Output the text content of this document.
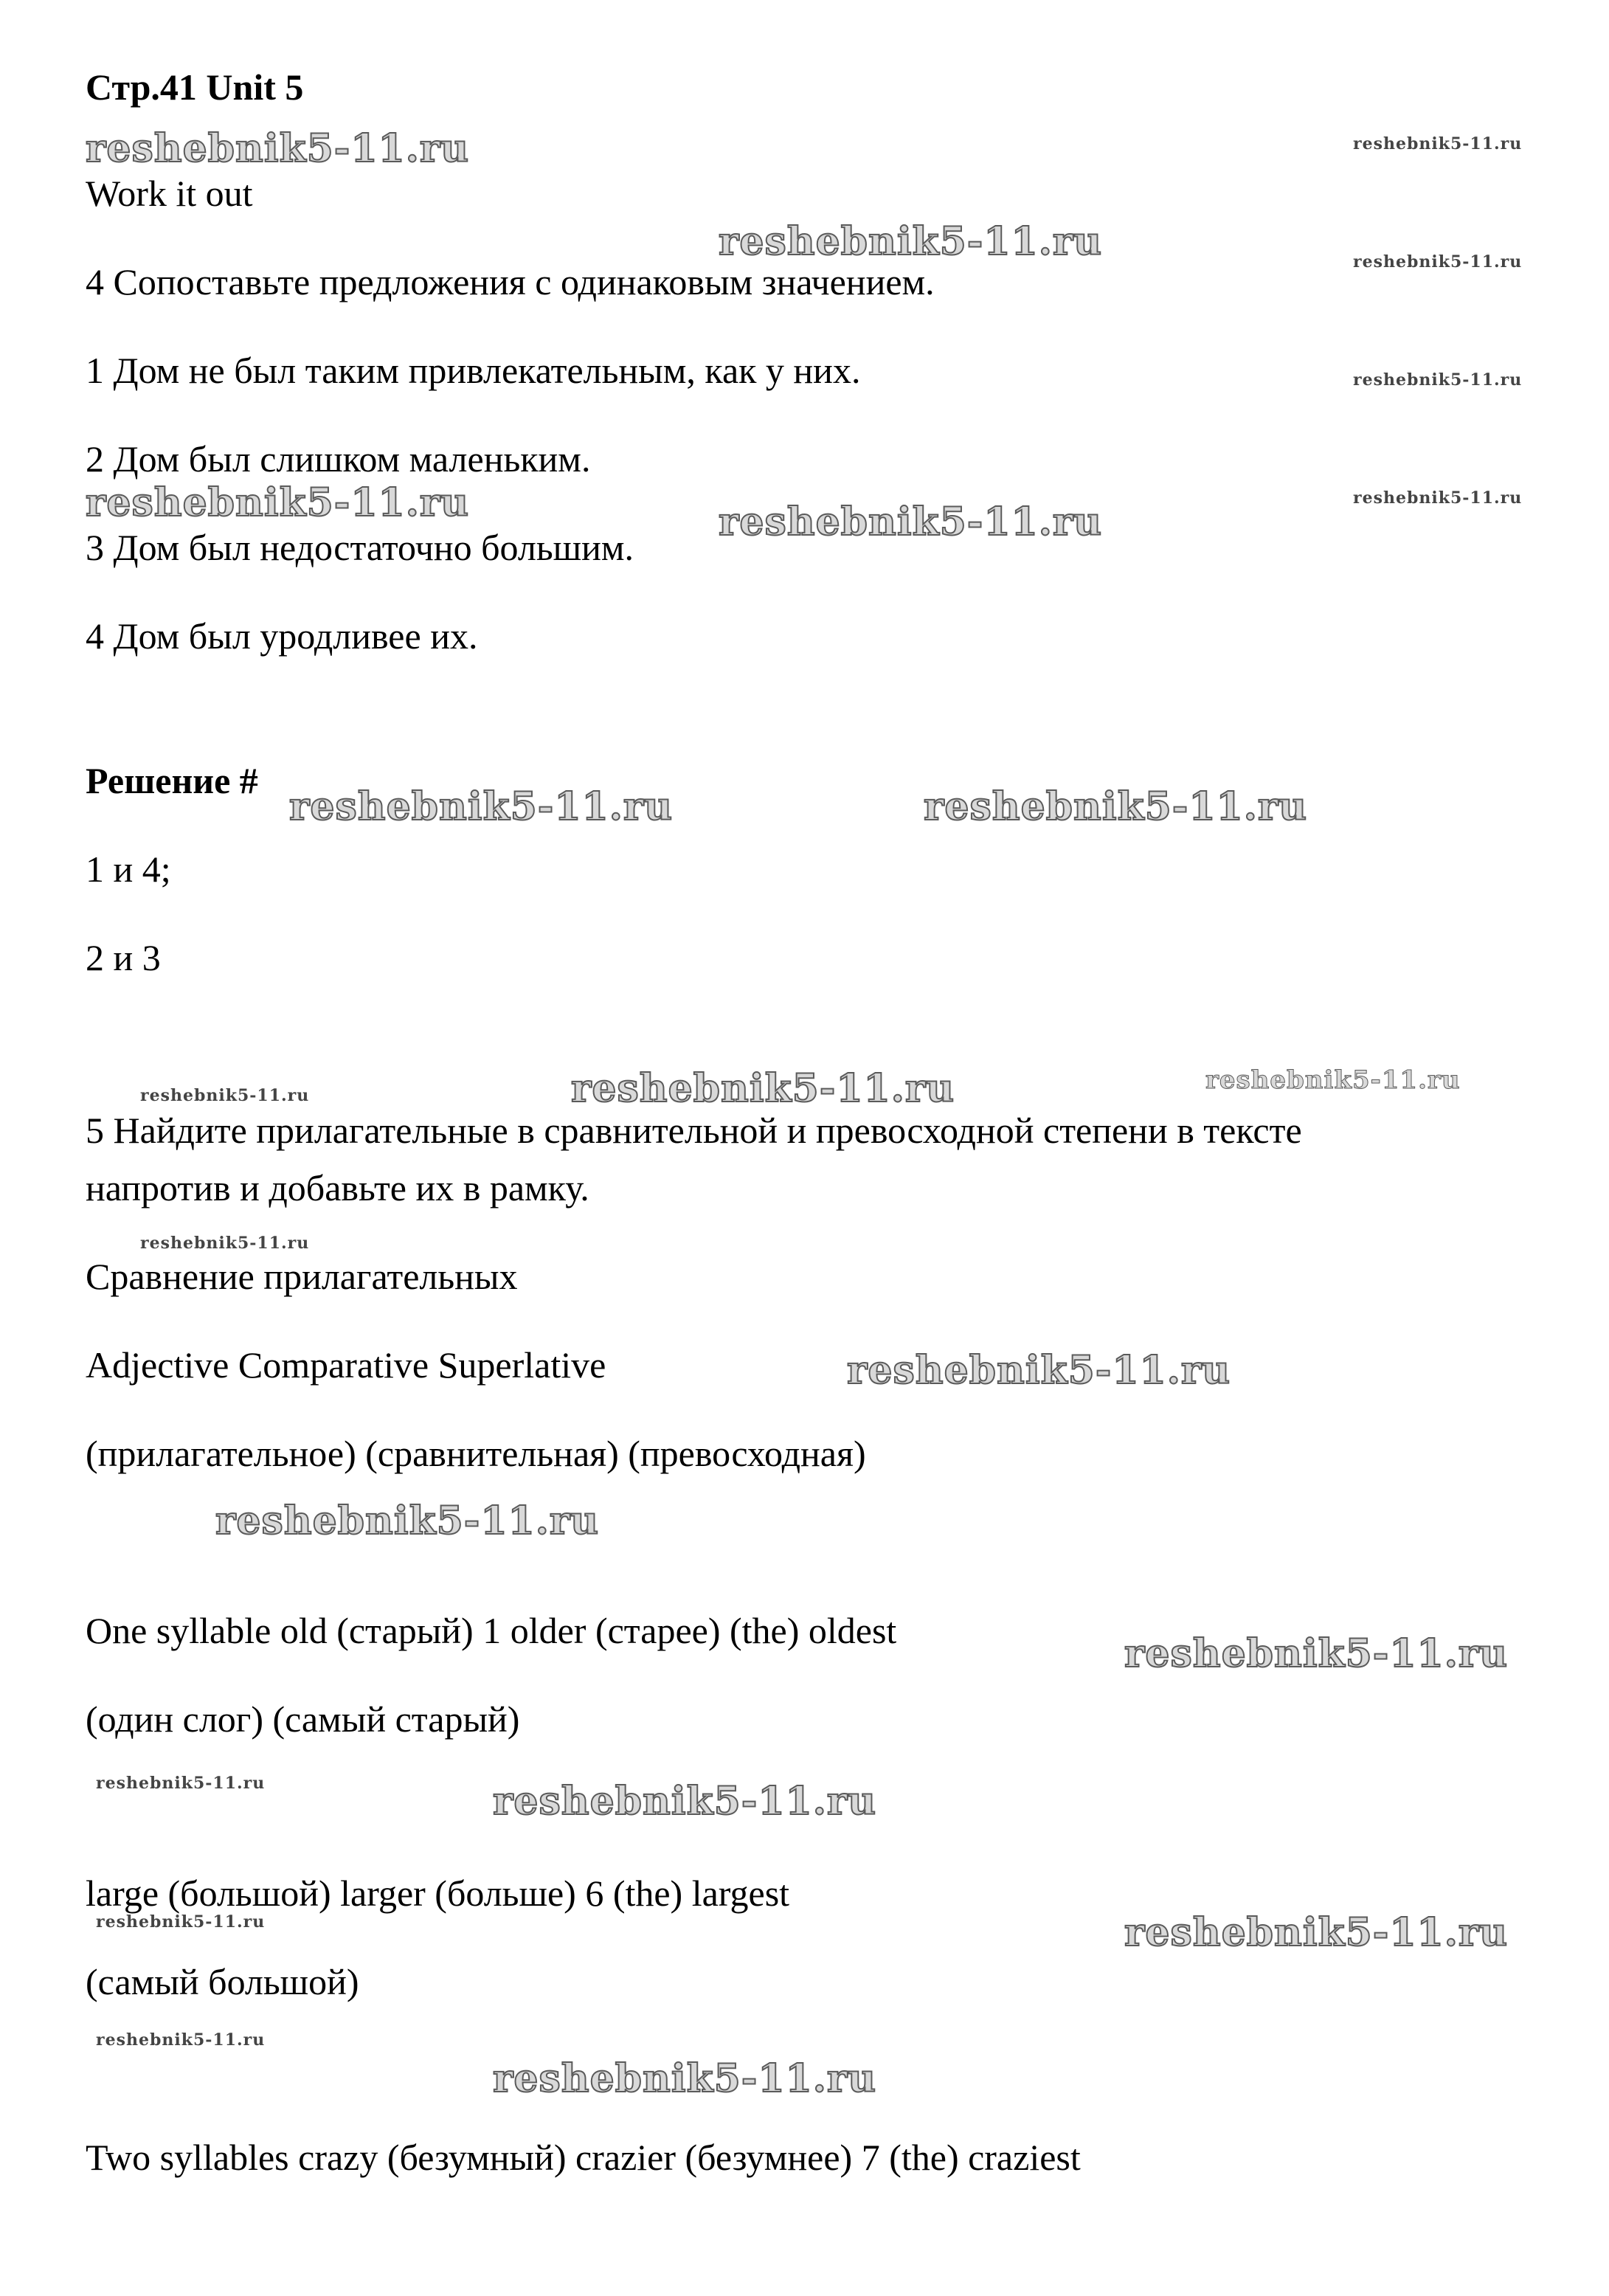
Стр.41 Unit 5
Work it out
4 Сопоставьте предложения с одинаковым значением.
1 Дом не был таким привлекательным, как у них.
2 Дом был слишком маленьким.
3 Дом был недостаточно большим.
4 Дом был уродливее их.
Решение #
1 и 4;
2 и 3
5 Найдите прилагательные в сравнительной и превосходной степени в тексте
напротив и добавьте их в рамку.
Сравнение прилагательных
Adjective Comparative Superlative
(прилагательное) (сравнительная) (превосходная)
One syllable old (старый) 1 older (старее) (the) oldest
(один слог) (самый старый)
large (большой) larger (больше) 6 (the) largest
(самый большой)
Two syllables crazy (безумный) crazier (безумнее) 7 (the) craziest
reshebnik5-11.ru
reshebnik5-11.ru
reshebnik5-11.ru	reshebnik5-11.ru
reshebnik5-11.ru	reshebnik5-11.ru
reshebnik5-11.ru
reshebnik5-11.ru
reshebnik5-11.ru
reshebnik5-11.ru
reshebnik5-11.ru
reshebnik5-11.ru
reshebnik5-11.ru
reshebnik5-11.ru
reshebnik5-11.ru
reshebnik5-11.ru
reshebnik5-11.ru
reshebnik5-11.ru
reshebnik5-11.ru
reshebnik5-11.ru
reshebnik5-11.ru
reshebnik5-11.ru
reshebnik5-11.ru
